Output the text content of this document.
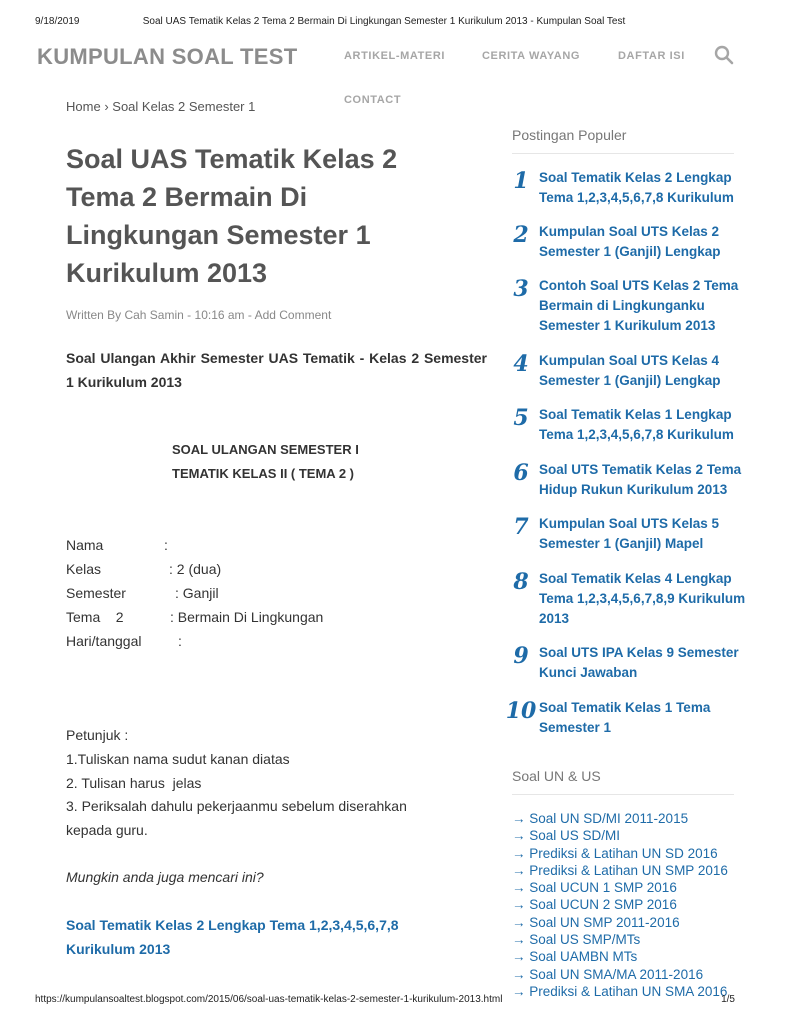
9/18/2019	Soal UAS Tematik Kelas 2 Tema 2 Bermain Di Lingkungan Semester 1 Kurikulum 2013 - Kumpulan Soal Test
KUMPULAN SOAL TEST	ARTIKEL-MATERI	CERITA WAYANG	DAFTAR ISI
CONTACT
Home › Soal Kelas 2 Semester 1
Soal UAS Tematik Kelas 2 Tema 2 Bermain Di Lingkungan Semester 1 Kurikulum 2013
Written By Cah Samin - 10:16 am - Add Comment
Soal Ulangan Akhir Semester UAS Tematik - Kelas 2 Semester 1 Kurikulum 2013
SOAL ULANGAN SEMESTER I
TEMATIK KELAS II ( TEMA 2 )
Nama	:
Kelas	: 2 (dua)
Semester	: Ganjil
Tema    2	: Bermain Di Lingkungan
Hari/tanggal	:
Petunjuk :
1.Tuliskan nama sudut kanan diatas
2. Tulisan harus  jelas
3. Periksalah dahulu pekerjaanmu sebelum diserahkan
kepada guru.
Mungkin anda juga mencari ini?
Soal Tematik Kelas 2 Lengkap Tema 1,2,3,4,5,6,7,8 Kurikulum 2013
Postingan Populer
1 Soal Tematik Kelas 2 Lengkap
Tema 1,2,3,4,5,6,7,8 Kurikulum
2 Kumpulan Soal UTS Kelas 2
Semester 1 (Ganjil) Lengkap
3 Contoh Soal UTS Kelas 2 Tema
Bermain di Lingkunganku
Semester 1 Kurikulum 2013
4 Kumpulan Soal UTS Kelas 4
Semester 1 (Ganjil) Lengkap
5 Soal Tematik Kelas 1 Lengkap
Tema 1,2,3,4,5,6,7,8 Kurikulum
6 Soal UTS Tematik Kelas 2 Tema
Hidup Rukun Kurikulum 2013
7 Kumpulan Soal UTS Kelas 5
Semester 1 (Ganjil) Mapel
8 Soal Tematik Kelas 4 Lengkap
Tema 1,2,3,4,5,6,7,8,9 Kurikulum
2013
9 Soal UTS IPA Kelas 9 Semester
Kunci Jawaban
10 Soal Tematik Kelas 1 Tema
Semester 1
Soal UN & US
→ Soal UN SD/MI 2011-2015
→ Soal US SD/MI
→ Prediksi & Latihan UN SD 2016
→ Prediksi & Latihan UN SMP 2016
→ Soal UCUN 1 SMP 2016
→ Soal UCUN 2 SMP 2016
→ Soal UN SMP 2011-2016
→ Soal US SMP/MTs
→ Soal UAMBN MTs
→ Soal UN SMA/MA 2011-2016
→ Prediksi & Latihan UN SMA 2016
https://kumpulansoaltest.blogspot.com/2015/06/soal-uas-tematik-kelas-2-semester-1-kurikulum-2013.html	1/5
